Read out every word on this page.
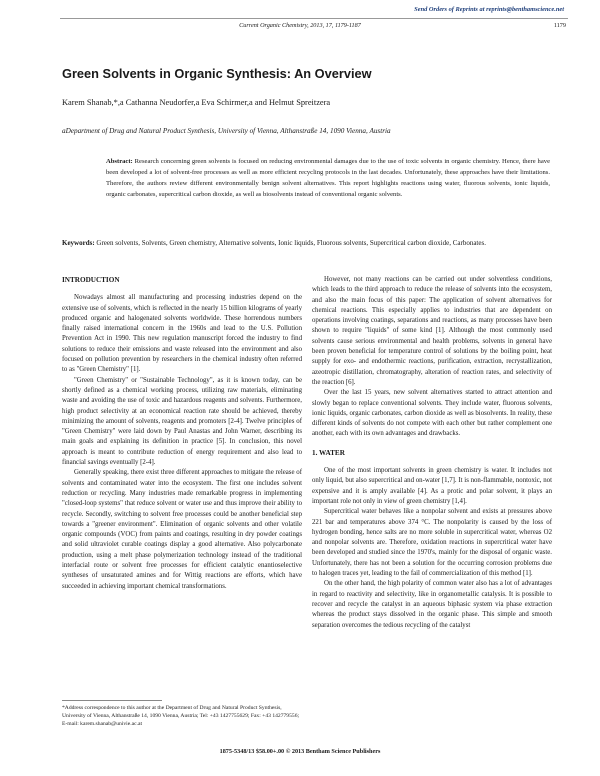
Send Orders of Reprints at reprints@benthamscience.net
Current Organic Chemistry, 2013, 17, 1179-1187	1179
Green Solvents in Organic Synthesis: An Overview
Karem Shanab,*,a Cathanna Neudorfer,a Eva Schirmer,a and Helmut Spreitzera
aDepartment of Drug and Natural Product Synthesis, University of Vienna, Althanstraße 14, 1090 Vienna, Austria
Abstract: Research concerning green solvents is focused on reducing environmental damages due to the use of toxic solvents in organic chemistry. Hence, there have been developed a lot of solvent-free processes as well as more efficient recycling protocols in the last decades. Unfortunately, these approaches have their limitations. Therefore, the authors review different environmentally benign solvent alternatives. This report highlights reactions using water, fluorous solvents, ionic liquids, organic carbonates, supercritical carbon dioxide, as well as biosolvents instead of conventional organic solvents.
Keywords: Green solvents, Solvents, Green chemistry, Alternative solvents, Ionic liquids, Fluorous solvents, Supercritical carbon dioxide, Carbonates.
INTRODUCTION

Nowadays almost all manufacturing and processing industries depend on the extensive use of solvents, which is reflected in the nearly 15 billion kilograms of yearly produced organic and halogenated solvents worldwide. These horrendous numbers finally raised international concern in the 1960s and lead to the U.S. Pollution Prevention Act in 1990. This new regulation manuscript forced the industry to find solutions to reduce their emissions and waste released into the environment and also focused on pollution prevention by researchers in the chemical industry often referred to as "Green Chemistry" [1].

"Green Chemistry" or "Sustainable Technology", as it is known today, can be shortly defined as a chemical working process, utilizing raw materials, eliminating waste and avoiding the use of toxic and hazardous reagents and solvents. Furthermore, high product selectivity at an economical reaction rate should be achieved, thereby minimizing the amount of solvents, reagents and promoters [2-4]. Twelve principles of "Green Chemistry" were laid down by Paul Anastas and John Warner, describing its main goals and explaining its definition in practice [5]. In conclusion, this novel approach is meant to contribute reduction of energy requirement and also lead to financial savings eventually [2-4].

Generally speaking, there exist three different approaches to mitigate the release of solvents and contaminated water into the ecosystem. The first one includes solvent reduction or recycling. Many industries made remarkable progress in implementing "closed-loop systems" that reduce solvent or water use and thus improve their ability to recycle. Secondly, switching to solvent free processes could be another beneficial step towards a "greener environment". Elimination of organic solvents and other volatile organic compounds (VOC) from paints and coatings, resulting in dry powder coatings and solid ultraviolet curable coatings display a good alternative. Also polycarbonate production, using a melt phase polymerization technology instead of the traditional interfacial route or solvent free processes for efficient catalytic enantioselective syntheses of unsaturated amines and for Wittig reactions are efforts, which have succeeded in achieving important chemical transformations.

However, not many reactions can be carried out under solventless conditions, which leads to the third approach to reduce the release of solvents into the ecosystem, and also the main focus of this paper: The application of solvent alternatives for chemical reactions. This especially applies to industries that are dependent on operations involving coatings, separations and reactions, as many processes have been shown to require "liquids" of some kind [1]. Although the most commonly used solvents cause serious environmental and health problems, solvents in general have been proven beneficial for temperature control of solutions by the boiling point, heat supply for exo- and endothermic reactions, purification, extraction, recrystallization, azeotropic distillation, chromatography, alteration of reaction rates, and selectivity of the reaction [6].

Over the last 15 years, new solvent alternatives started to attract attention and slowly began to replace conventional solvents. They include water, fluorous solvents, ionic liquids, organic carbonates, carbon dioxide as well as biosolvents. In reality, these different kinds of solvents do not compete with each other but rather complement one another, each with its own advantages and drawbacks.

1. WATER

One of the most important solvents in green chemistry is water. It includes not only liquid, but also supercritical and on-water [1,7]. It is non-flammable, nontoxic, not expensive and it is amply available [4]. As a protic and polar solvent, it plays an important role not only in view of green chemistry [1,4].

Supercritical water behaves like a nonpolar solvent and exists at pressures above 221 bar and temperatures above 374 °C. The nonpolarity is caused by the loss of hydrogen bonding, hence salts are no more soluble in supercritical water, whereas O2 and nonpolar solvents are. Therefore, oxidation reactions in supercritical water have been developed and studied since the 1970's, mainly for the disposal of organic waste. Unfortunately, there has not been a solution for the occurring corrosion problems due to halogen traces yet, leading to the fail of commercialization of this method [1].

On the other hand, the high polarity of common water also has a lot of advantages in regard to reactivity and selectivity, like in organometallic catalysis. It is possible to recover and recycle the catalyst in an aqueous biphasic system via phase extraction whereas the product stays dissolved in the organic phase. This simple and smooth separation overcomes the tedious recycling of the catalyst

*Address correspondence to this author at the Department of Drug and Natural Product Synthesis, University of Vienna, Althanstraße 14, 1090 Vienna, Austria; Tel: +43 1427755629; Fax: +43 142779556; E-mail: karem.shanab@univie.ac.at
1875-5348/13 $58.00+.00 © 2013 Bentham Science Publishers
